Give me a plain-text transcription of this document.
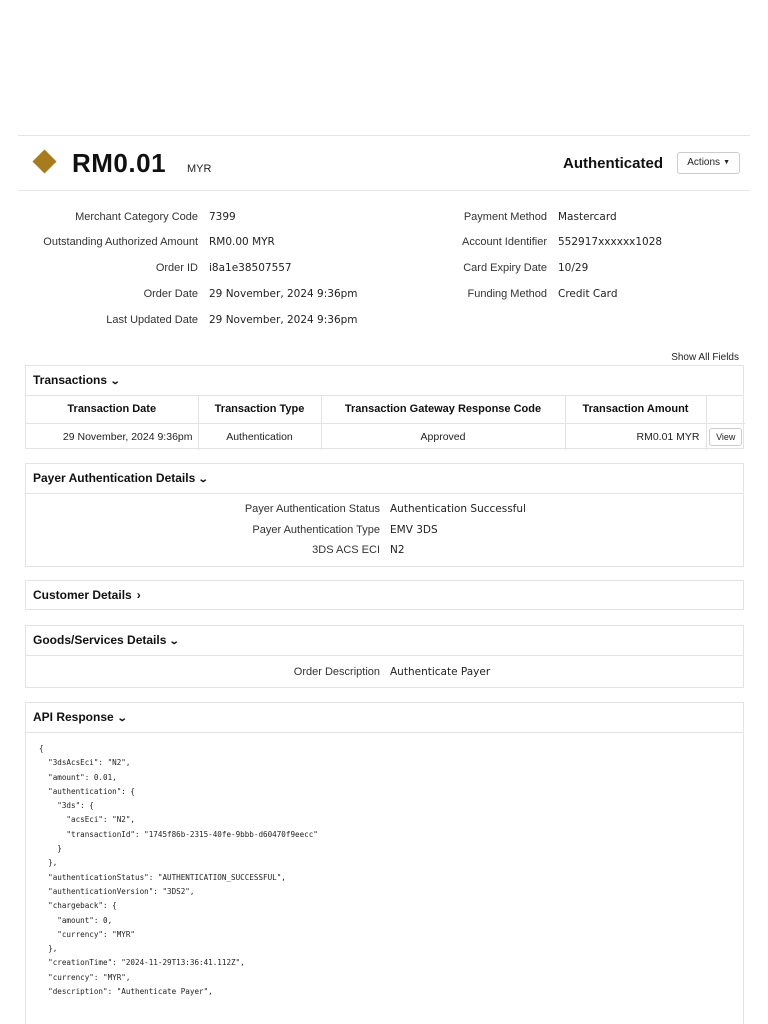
RM0.01 MYR	Authenticated	Actions ▼
Merchant Category Code 7399	Payment Method Mastercard
Outstanding Authorized Amount RM0.00 MYR	Account Identifier 552917xxxxxx1028
Order ID i8a1e38507557	Card Expiry Date 10/29
Order Date 29 November, 2024 9:36pm	Funding Method Credit Card
Last Updated Date 29 November, 2024 9:36pm
Show All Fields
Transactions ⌄
Transaction Date	Transaction Type	Transaction Gateway Response Code	Transaction Amount	
29 November, 2024 9:36pm	Authentication	Approved	RM0.01 MYR	View
Payer Authentication Details ⌄
Payer Authentication Status Authentication Successful
Payer Authentication Type EMV 3DS
3DS ACS ECI N2
Customer Details ›
Goods/Services Details ⌄
Order Description Authenticate Payer
API Response ⌄
{
"3dsAcsEci": "N2",
"amount": 0.01,
"authentication": {
"3ds": {
"acsEci": "N2",
"transactionId": "1745f86b-2315-40fe-9bbb-d60470f9eecc"
}
},
"authenticationStatus": "AUTHENTICATION_SUCCESSFUL",
"authenticationVersion": "3DS2",
"chargeback": {
"amount": 0,
"currency": "MYR"
},
"creationTime": "2024-11-29T13:36:41.112Z",
"currency": "MYR",
"description": "Authenticate Payer",
